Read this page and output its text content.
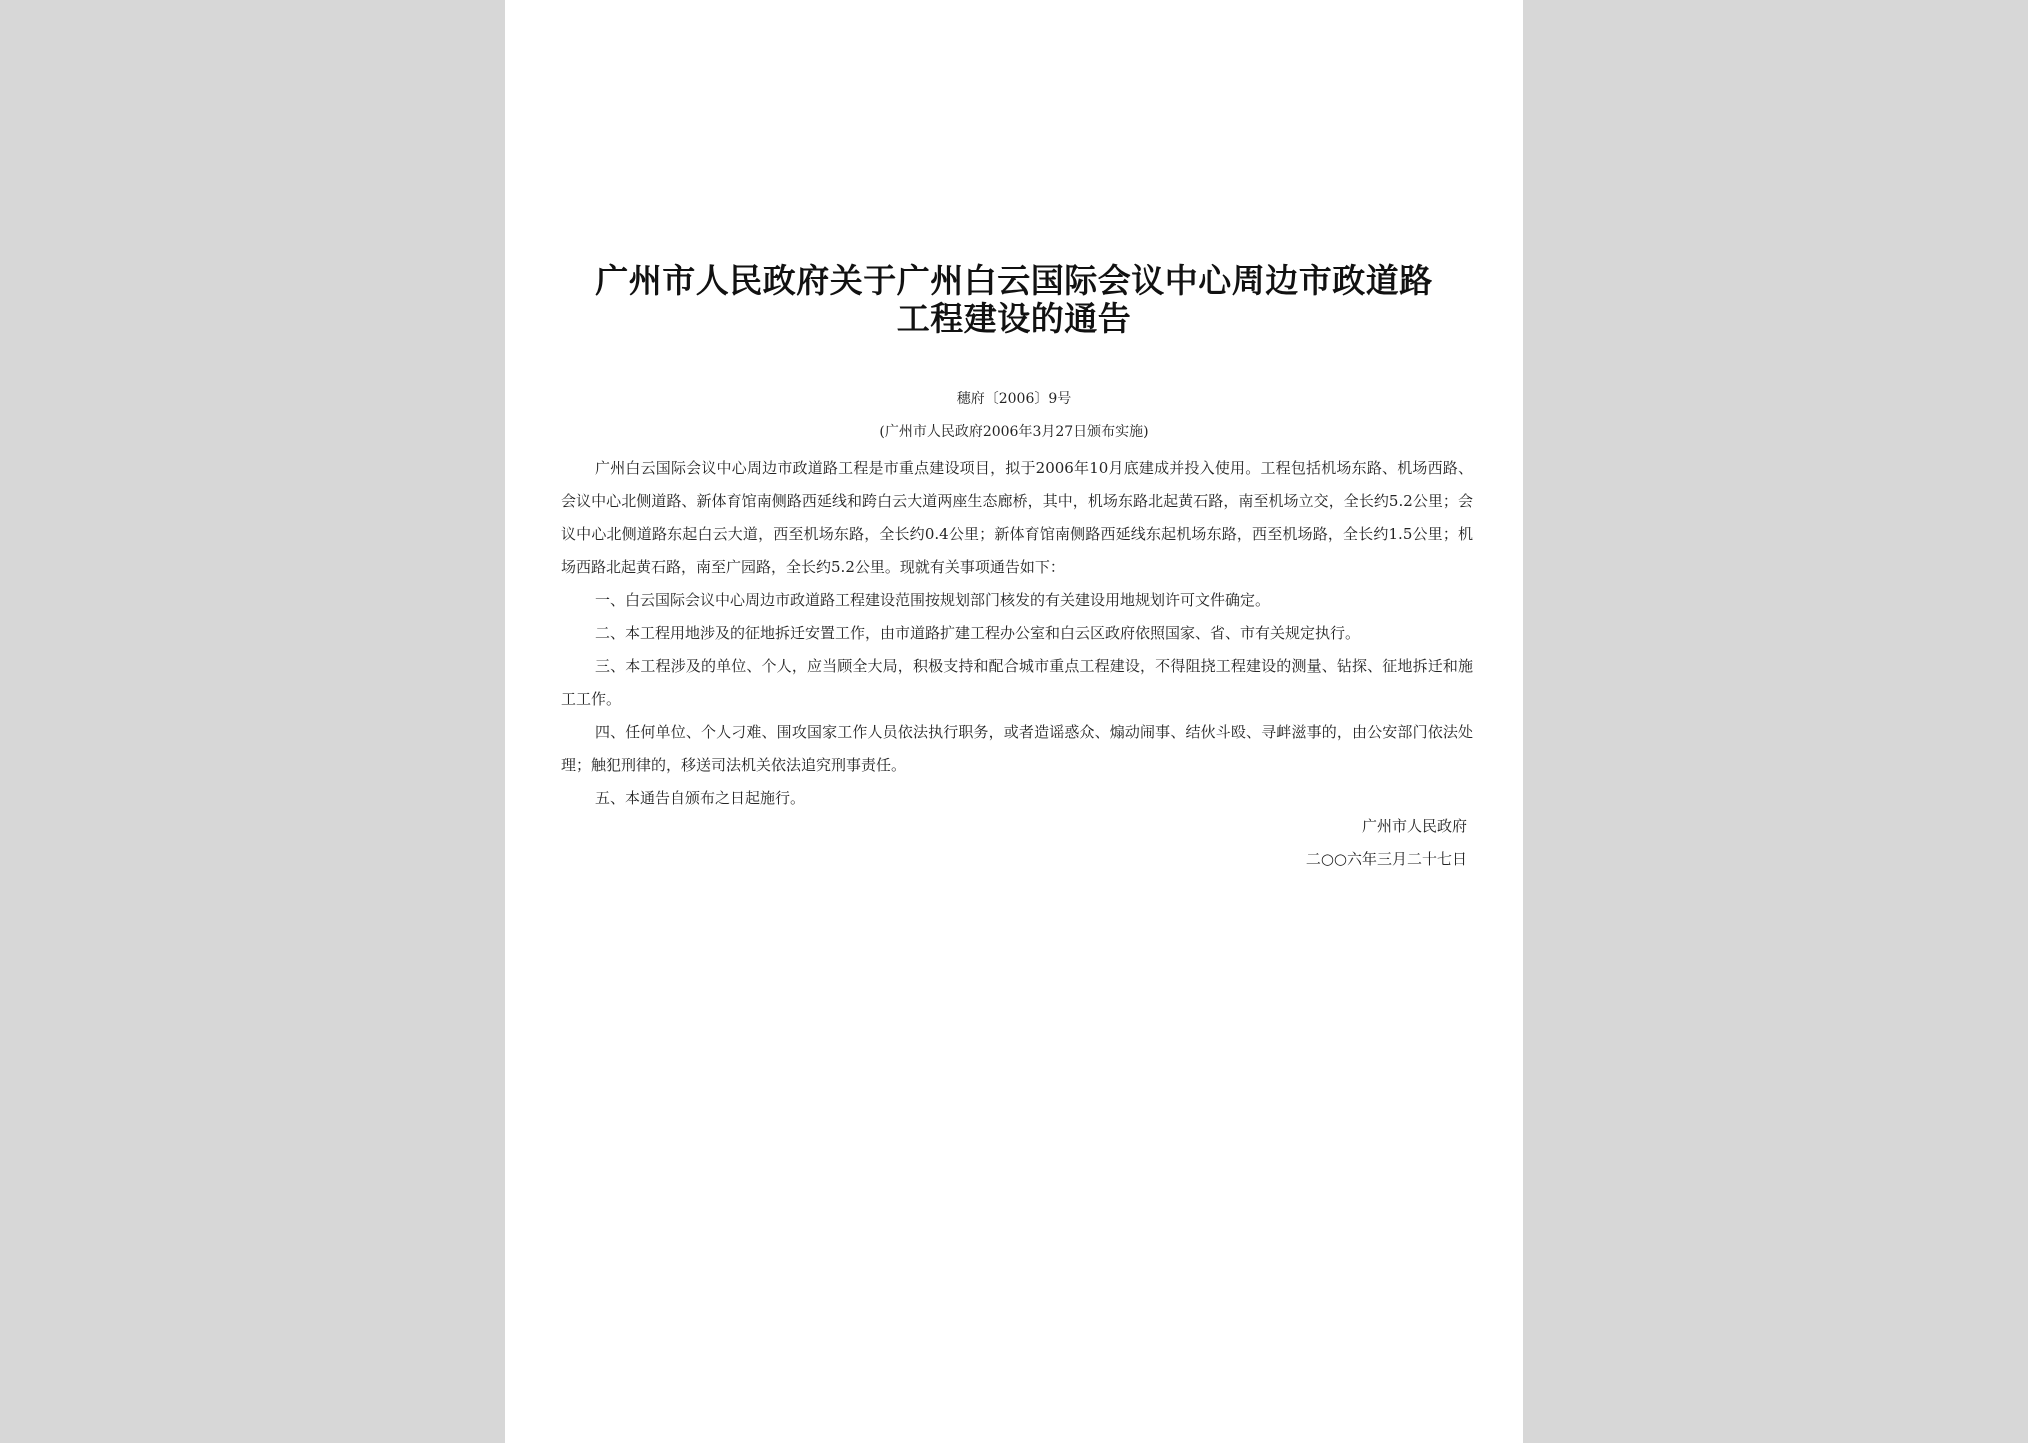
广州市人民政府关于广州白云国际会议中心周边市政道路工程建设的通告
穗府〔2006〕9号
(广州市人民政府2006年3月27日颁布实施)

广州白云国际会议中心周边市政道路工程是市重点建设项目，拟于2006年10月底建成并投入使用。工程包括机场东路、机场西路、会议中心北侧道路、新体育馆南侧路西延线和跨白云大道两座生态廊桥，其中，机场东路北起黄石路，南至机场立交，全长约5.2公里；会议中心北侧道路东起白云大道，西至机场东路，全长约0.4公里；新体育馆南侧路西延线东起机场东路，西至机场路，全长约1.5公里；机场西路北起黄石路，南至广园路，全长约5.2公里。现就有关事项通告如下：

一、白云国际会议中心周边市政道路工程建设范围按规划部门核发的有关建设用地规划许可文件确定。

二、本工程用地涉及的征地拆迁安置工作，由市道路扩建工程办公室和白云区政府依照国家、省、市有关规定执行。

三、本工程涉及的单位、个人，应当顾全大局，积极支持和配合城市重点工程建设，不得阻挠工程建设的测量、钻探、征地拆迁和施工工作。

四、任何单位、个人刁难、围攻国家工作人员依法执行职务，或者造谣惑众、煽动闹事、结伙斗殴、寻衅滋事的，由公安部门依法处理；触犯刑律的，移送司法机关依法追究刑事责任。

五、本通告自颁布之日起施行。

广州市人民政府
二○○六年三月二十七日
